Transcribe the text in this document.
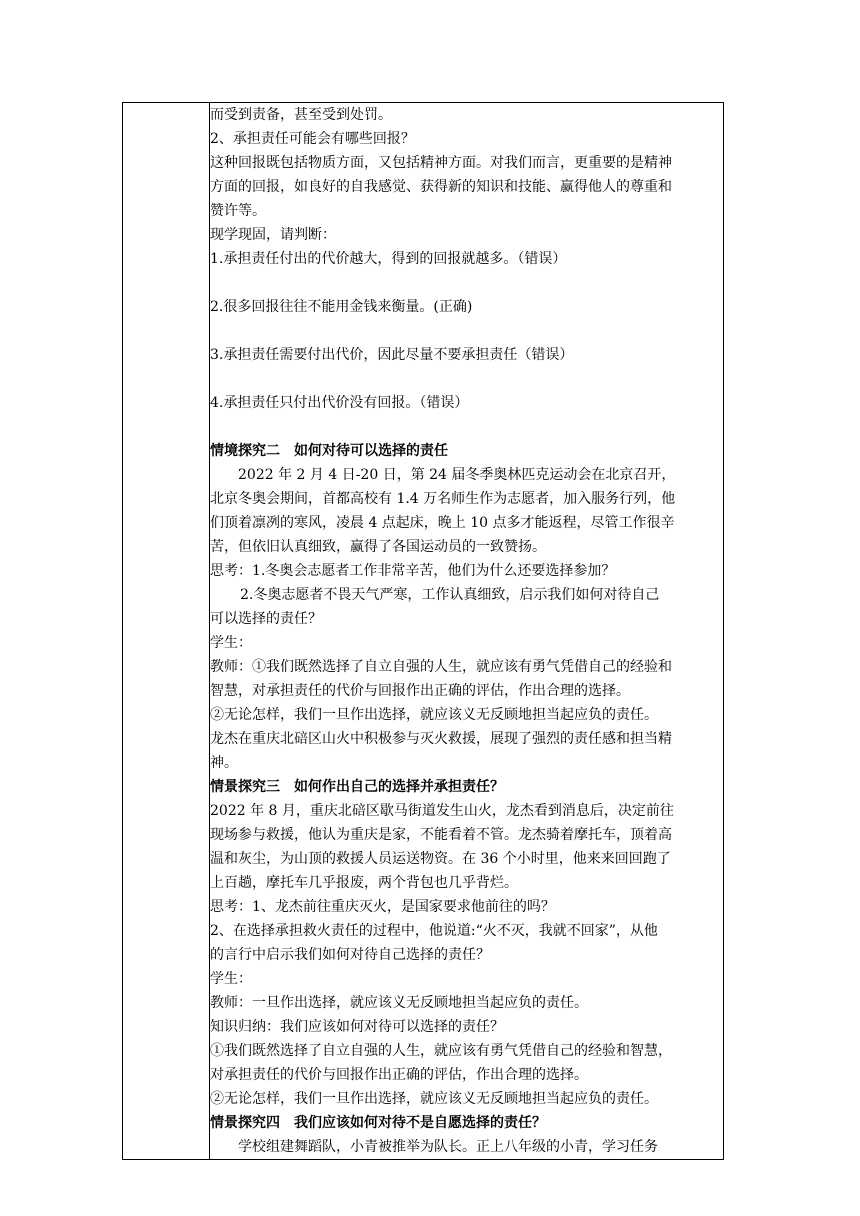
而受到责备，甚至受到处罚。
2、承担责任可能会有哪些回报？
这种回报既包括物质方面，又包括精神方面。对我们而言，更重要的是精神
方面的回报，如良好的自我感觉、获得新的知识和技能、赢得他人的尊重和
赞许等。
现学现固，请判断：
1.承担责任付出的代价越大，得到的回报就越多。（错误）
2.很多回报往往不能用金钱来衡量。(正确)
3.承担责任需要付出代价，因此尽量不要承担责任（错误）
4.承担责任只付出代价没有回报。（错误）
情境探究二　如何对待可以选择的责任
2022 年 2 月 4 日-20 日，第 24 届冬季奥林匹克运动会在北京召开，
北京冬奥会期间，首都高校有 1.4 万名师生作为志愿者，加入服务行列，他
们顶着凛冽的寒风，凌晨 4 点起床，晚上 10 点多才能返程，尽管工作很辛
苦，但依旧认真细致，赢得了各国运动员的一致赞扬。
思考：1.冬奥会志愿者工作非常辛苦，他们为什么还要选择参加？
2.冬奥志愿者不畏天气严寒，工作认真细致，启示我们如何对待自己
可以选择的责任？
学生：
教师：①我们既然选择了自立自强的人生，就应该有勇气凭借自己的经验和
智慧，对承担责任的代价与回报作出正确的评估，作出合理的选择。
②无论怎样，我们一旦作出选择，就应该义无反顾地担当起应负的责任。
龙杰在重庆北碚区山火中积极参与灭火救援，展现了强烈的责任感和担当精
神。
情景探究三　如何作出自己的选择并承担责任？
2022 年 8 月，重庆北碚区歇马街道发生山火，龙杰看到消息后，决定前往
现场参与救援，他认为重庆是家，不能看着不管。龙杰骑着摩托车，顶着高
温和灰尘，为山顶的救援人员运送物资。在 36 个小时里，他来来回回跑了
上百趟，摩托车几乎报废，两个背包也几乎背烂。
思考：1、龙杰前往重庆灭火，是国家要求他前往的吗？
2、在选择承担救火责任的过程中，他说道:“火不灭，我就不回家”，从他
的言行中启示我们如何对待自己选择的责任？
学生：
教师：一旦作出选择，就应该义无反顾地担当起应负的责任。
知识归纳：我们应该如何对待可以选择的责任？
①我们既然选择了自立自强的人生，就应该有勇气凭借自己的经验和智慧，
对承担责任的代价与回报作出正确的评估，作出合理的选择。
②无论怎样，我们一旦作出选择，就应该义无反顾地担当起应负的责任。
情景探究四　我们应该如何对待不是自愿选择的责任？
学校组建舞蹈队，小青被推举为队长。正上八年级的小青，学习任务
